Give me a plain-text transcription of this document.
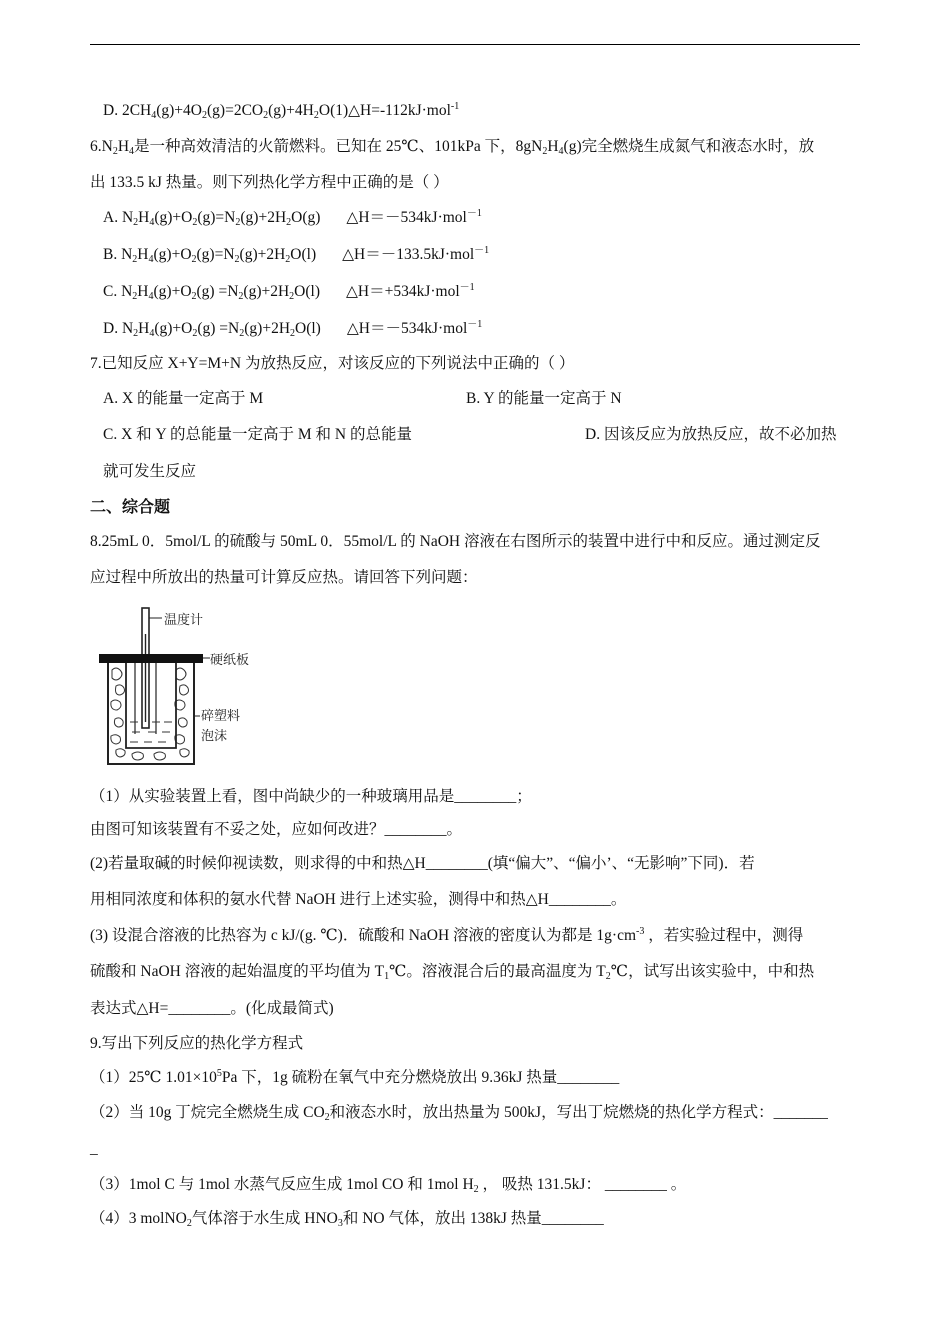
D. $2CH_4(g)+4O_2(g)=2CO_2(g)+4H_2O(1)\triangle H=-112kJ\cdot mol^{-1}$
$6.N_2H_4$是一种高效清洁的火箭燃料。已知在 25℃、101kPa 下，$8gN_2H_4(g)$完全燃烧生成氮气和液态水时，放
出 133.5 kJ 热量。则下列热化学方程中正确的是（ ）
A. $N_2H_4(g)+O_2(g)=N_2(g)+2H_2O(g)$ △H＝－534kJ·mol$^{-1}$
B. $N_2H_4(g)+O_2(g)=N_2(g)+2H_2O(l)$ △H＝－133.5kJ·mol$^{-1}$
C. $N_2H_4(g)+O_2(g) =N_2(g)+2H_2O(l)$ △H＝+534kJ·mol$^{-1}$
D. $N_2H_4(g)+O_2(g) =N_2(g)+2H_2O(l)$ △H＝－534kJ·mol$^{-1}$
7.已知反应 X+Y=M+N 为放热反应，对该反应的下列说法中正确的（ ）
A. X 的能量一定高于 M	B. Y 的能量一定高于 N
C. X 和 Y 的总能量一定高于 M 和 N 的总能量	D. 因该反应为放热反应，故不必加热
就可发生反应
二、综合题
8.25mL 0．5mol/L 的硫酸与 50mL 0．55mol/L 的 NaOH 溶液在右图所示的装置中进行中和反应。通过测定反
应过程中所放出的热量可计算反应热。请回答下列问题：
温度计
硬纸板
碎塑料
泡沫
（1）从实验装置上看，图中尚缺少的一种玻璃用品是________；
由图可知该装置有不妥之处，应如何改进？________。
(2)若量取碱的时候仰视读数，则求得的中和热△H________(填“偏大”、“偏小’、“无影响”下同)．若
用相同浓度和体积的氨水代替 NaOH 进行上述实验，测得中和热△H________。
(3) 设混合溶液的比热容为 c kJ/(g. ℃)．硫酸和 NaOH 溶液的密度认为都是 $1g\cdot cm^{-3}$ ，若实验过程中，测得
硫酸和 NaOH 溶液的起始温度的平均值为 $T_1℃$。溶液混合后的最高温度为 $T_2℃$，试写出该实验中，中和热
表达式△H=________。(化成最简式)
9.写出下列反应的热化学方程式
（1）25℃ $1.01\times 10^5Pa$ 下，1g 硫粉在氧气中充分燃烧放出 9.36kJ 热量________
（2）当 10g 丁烷完全燃烧生成 $CO_2$和液态水时，放出热量为 500kJ，写出丁烷燃烧的热化学方程式：_______
_
（3）1mol C 与 1mol 水蒸气反应生成 1mol CO 和 1mol $H_2$ ， 吸热 131.5kJ： ________ 。
（4）3 molNO$_2$气体溶于水生成 $HNO_3$和 NO 气体，放出 138kJ 热量________
